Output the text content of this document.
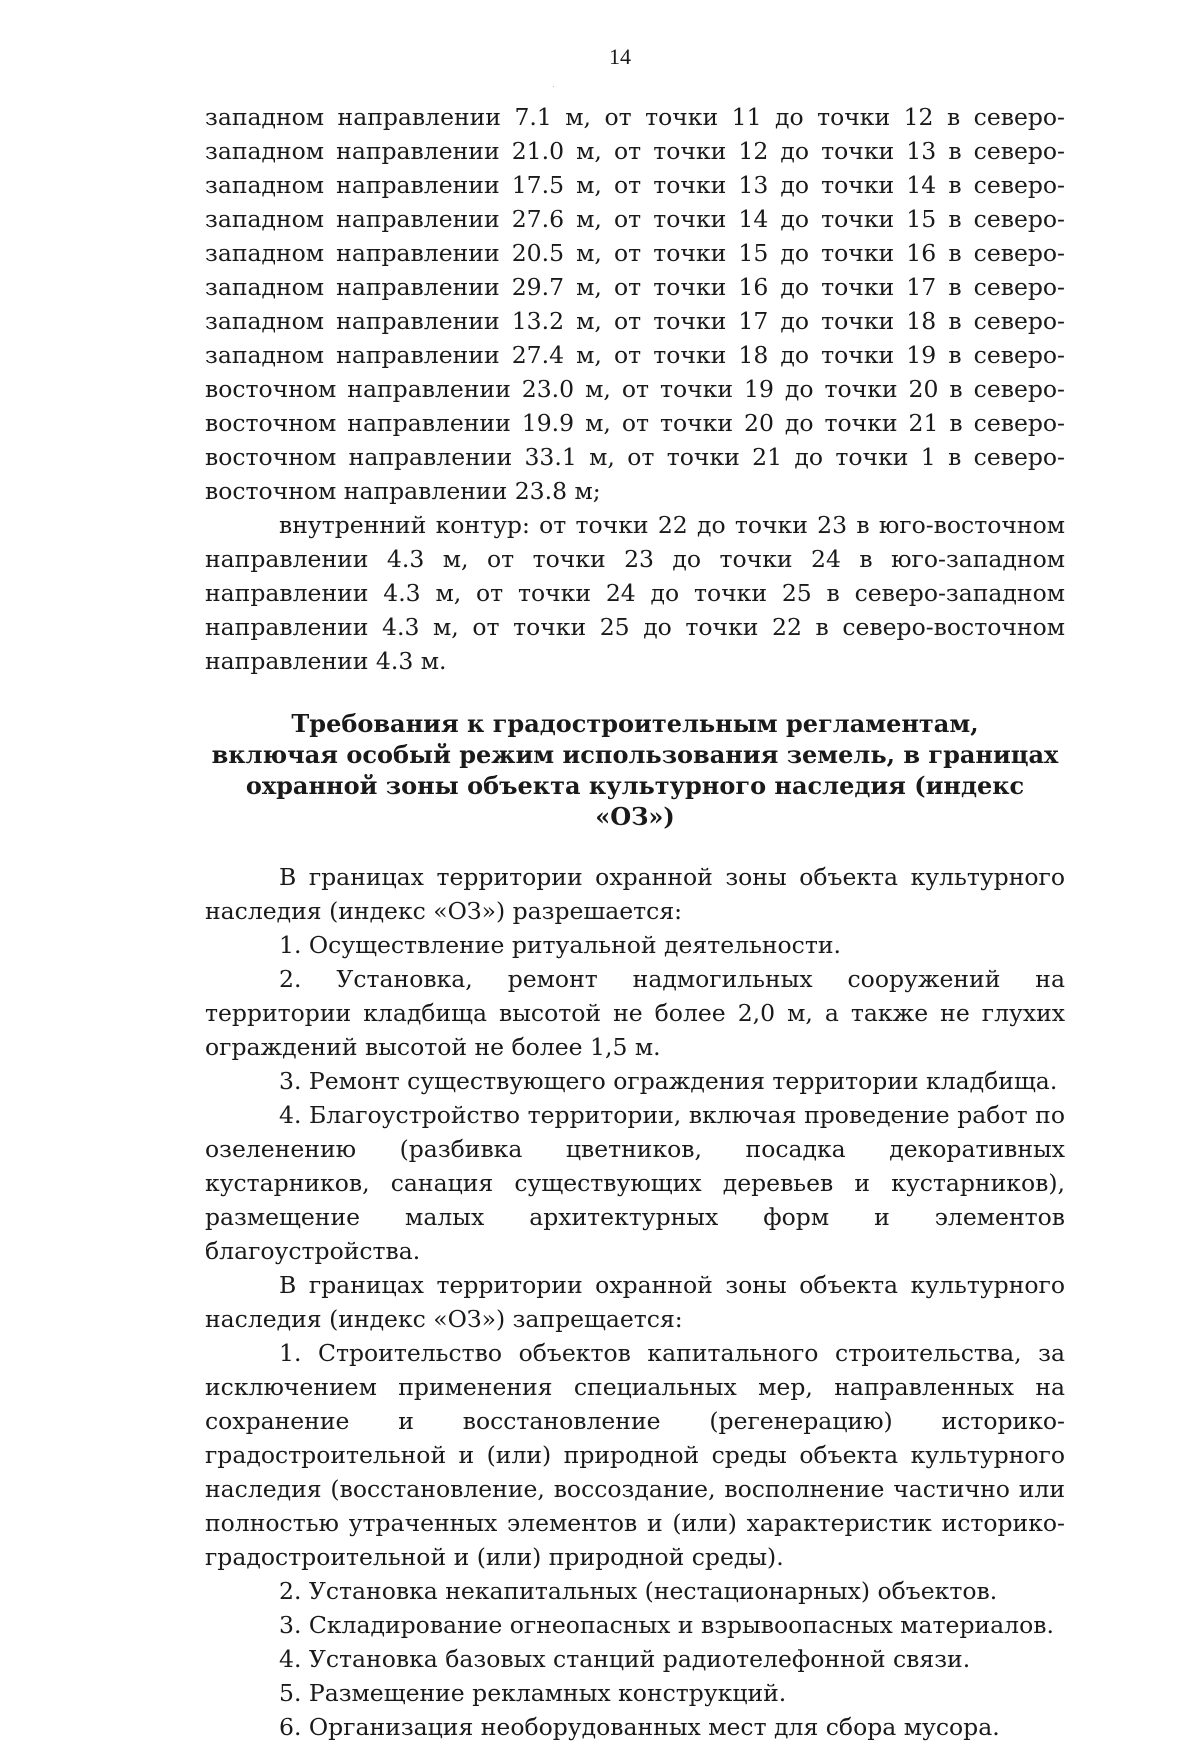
14

западном направлении 7.1 м, от точки 11 до точки 12 в северо-западном направлении 21.0 м, от точки 12 до точки 13 в северо-западном направлении 17.5 м, от точки 13 до точки 14 в северо-западном направлении 27.6 м, от точки 14 до точки 15 в северо-западном направлении 20.5 м, от точки 15 до точки 16 в северо-западном направлении 29.7 м, от точки 16 до точки 17 в северо-западном направлении 13.2 м, от точки 17 до точки 18 в северо-западном направлении 27.4 м, от точки 18 до точки 19 в северо-восточном направлении 23.0 м, от точки 19 до точки 20 в северо-восточном направлении 19.9 м, от точки 20 до точки 21 в северо-восточном направлении 33.1 м, от точки 21 до точки 1 в северо-восточном направлении 23.8 м;

внутренний контур: от точки 22 до точки 23 в юго-восточном направлении 4.3 м, от точки 23 до точки 24 в юго-западном направлении 4.3 м, от точки 24 до точки 25 в северо-западном направлении 4.3 м, от точки 25 до точки 22 в северо-восточном направлении 4.3 м.

Требования к градостроительным регламентам,
включая особый режим использования земель, в границах
охранной зоны объекта культурного наследия (индекс «ОЗ»)

В границах территории охранной зоны объекта культурного наследия (индекс «ОЗ») разрешается:

1. Осуществление ритуальной деятельности.

2. Установка, ремонт надмогильных сооружений на территории кладбища высотой не более 2,0 м, а также не глухих ограждений высотой не более 1,5 м.

3. Ремонт существующего ограждения территории кладбища.

4. Благоустройство территории, включая проведение работ по озеленению (разбивка цветников, посадка декоративных кустарников, санация существующих деревьев и кустарников), размещение малых архитектурных форм и элементов благоустройства.

В границах территории охранной зоны объекта культурного наследия (индекс «ОЗ») запрещается:

1. Строительство объектов капитального строительства, за исключением применения специальных мер, направленных на сохранение и восстановление (регенерацию) историко-градостроительной и (или) природной среды объекта культурного наследия (восстановление, воссоздание, восполнение частично или полностью утраченных элементов и (или) характеристик историко-градостроительной и (или) природной среды).

2. Установка некапитальных (нестационарных) объектов.

3. Складирование огнеопасных и взрывоопасных материалов.

4. Установка базовых станций радиотелефонной связи.

5. Размещение рекламных конструкций.

6. Организация необорудованных мест для сбора мусора.
